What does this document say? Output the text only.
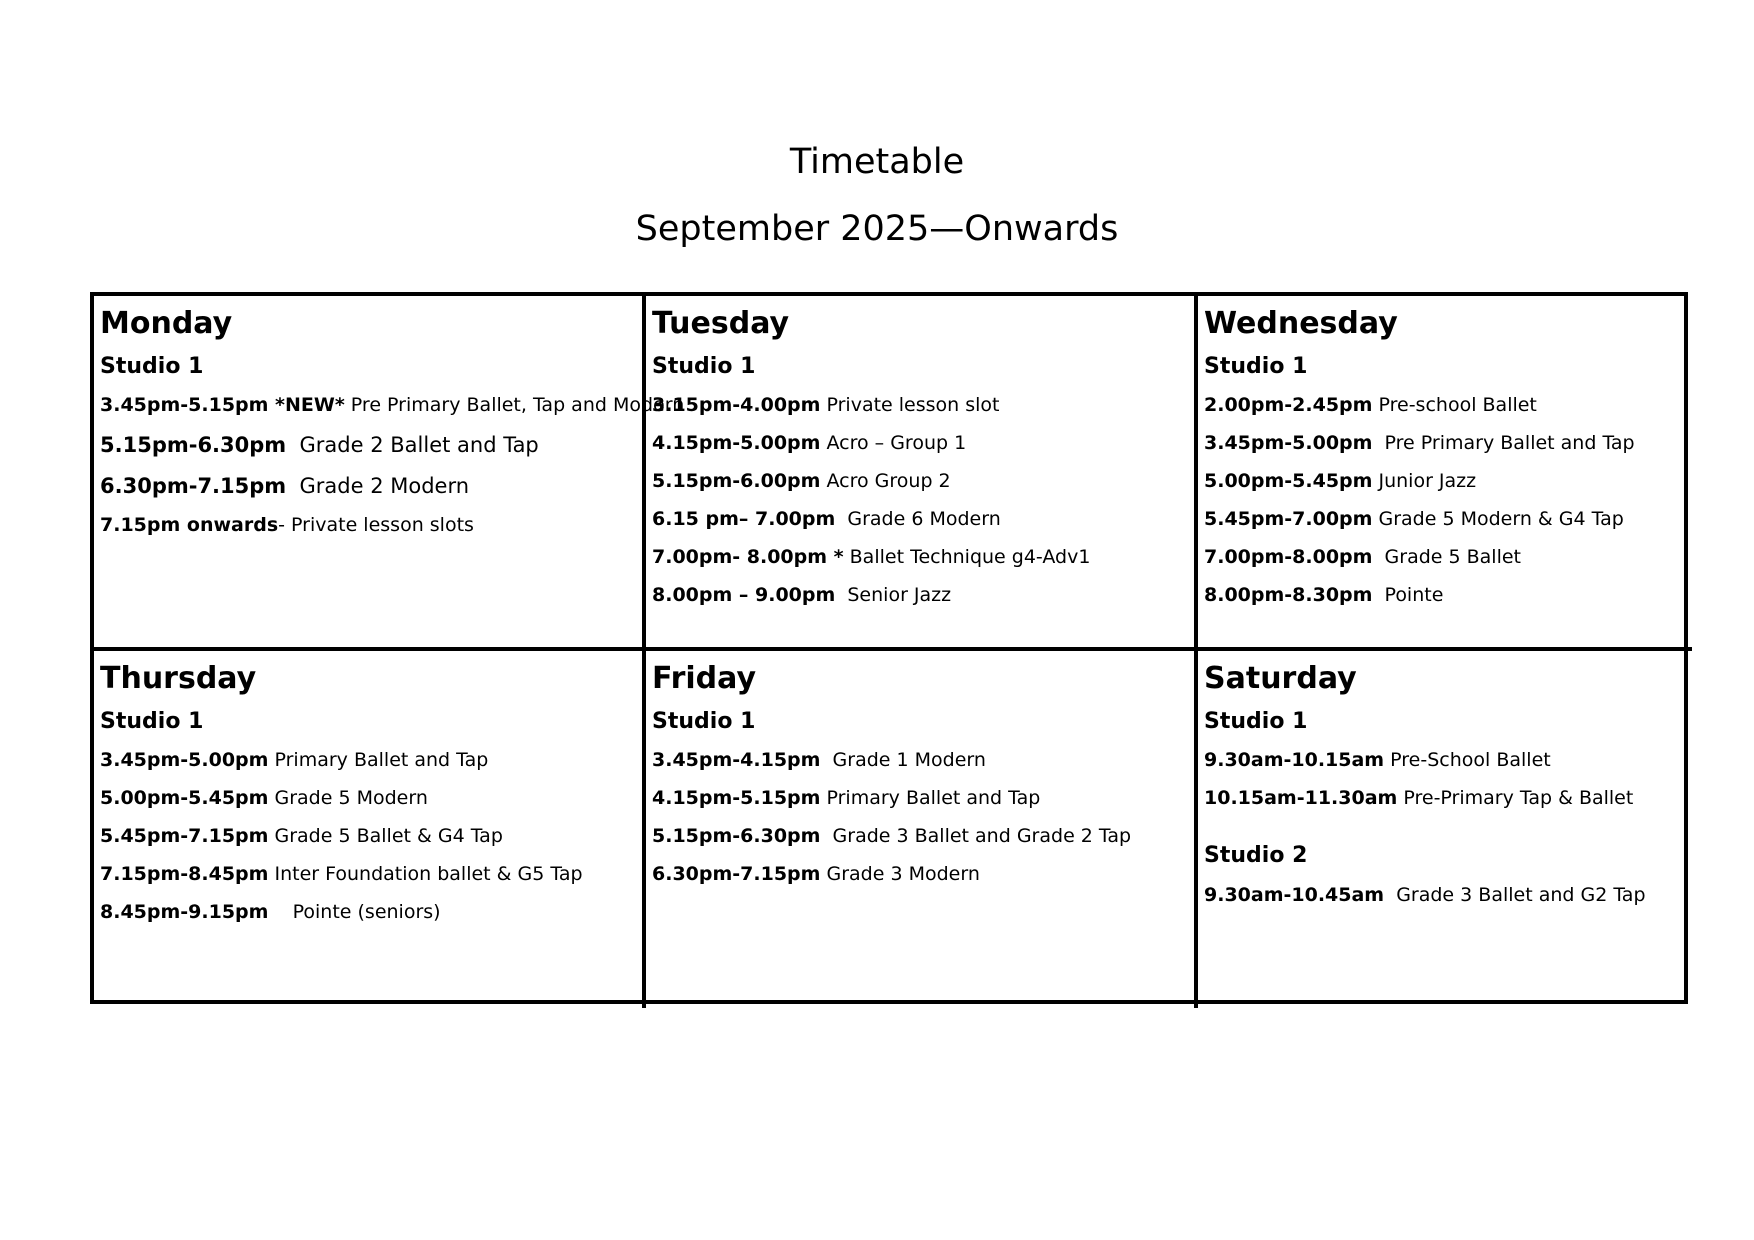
Timetable
September 2025—Onwards
Monday
Studio 1
3.45pm-5.15pm *NEW* Pre Primary Ballet, Tap and Modern
5.15pm-6.30pm  Grade 2 Ballet and Tap
6.30pm-7.15pm  Grade 2 Modern
7.15pm onwards- Private lesson slots
Tuesday
Studio 1
3.15pm-4.00pm Private lesson slot
4.15pm-5.00pm Acro – Group 1
5.15pm-6.00pm Acro Group 2
6.15 pm– 7.00pm  Grade 6 Modern
7.00pm- 8.00pm * Ballet Technique g4-Adv1
8.00pm – 9.00pm  Senior Jazz
Wednesday
Studio 1
2.00pm-2.45pm Pre-school Ballet
3.45pm-5.00pm  Pre Primary Ballet and Tap
5.00pm-5.45pm Junior Jazz
5.45pm-7.00pm Grade 5 Modern & G4 Tap
7.00pm-8.00pm  Grade 5 Ballet
8.00pm-8.30pm  Pointe
Thursday
Studio 1
3.45pm-5.00pm Primary Ballet and Tap
5.00pm-5.45pm Grade 5 Modern
5.45pm-7.15pm Grade 5 Ballet & G4 Tap
7.15pm-8.45pm Inter Foundation ballet & G5 Tap
8.45pm-9.15pm    Pointe (seniors)
Friday
Studio 1
3.45pm-4.15pm  Grade 1 Modern
4.15pm-5.15pm Primary Ballet and Tap
5.15pm-6.30pm  Grade 3 Ballet and Grade 2 Tap
6.30pm-7.15pm Grade 3 Modern
Saturday
Studio 1
9.30am-10.15am Pre-School Ballet
10.15am-11.30am Pre-Primary Tap & Ballet
Studio 2
9.30am-10.45am  Grade 3 Ballet and G2 Tap
